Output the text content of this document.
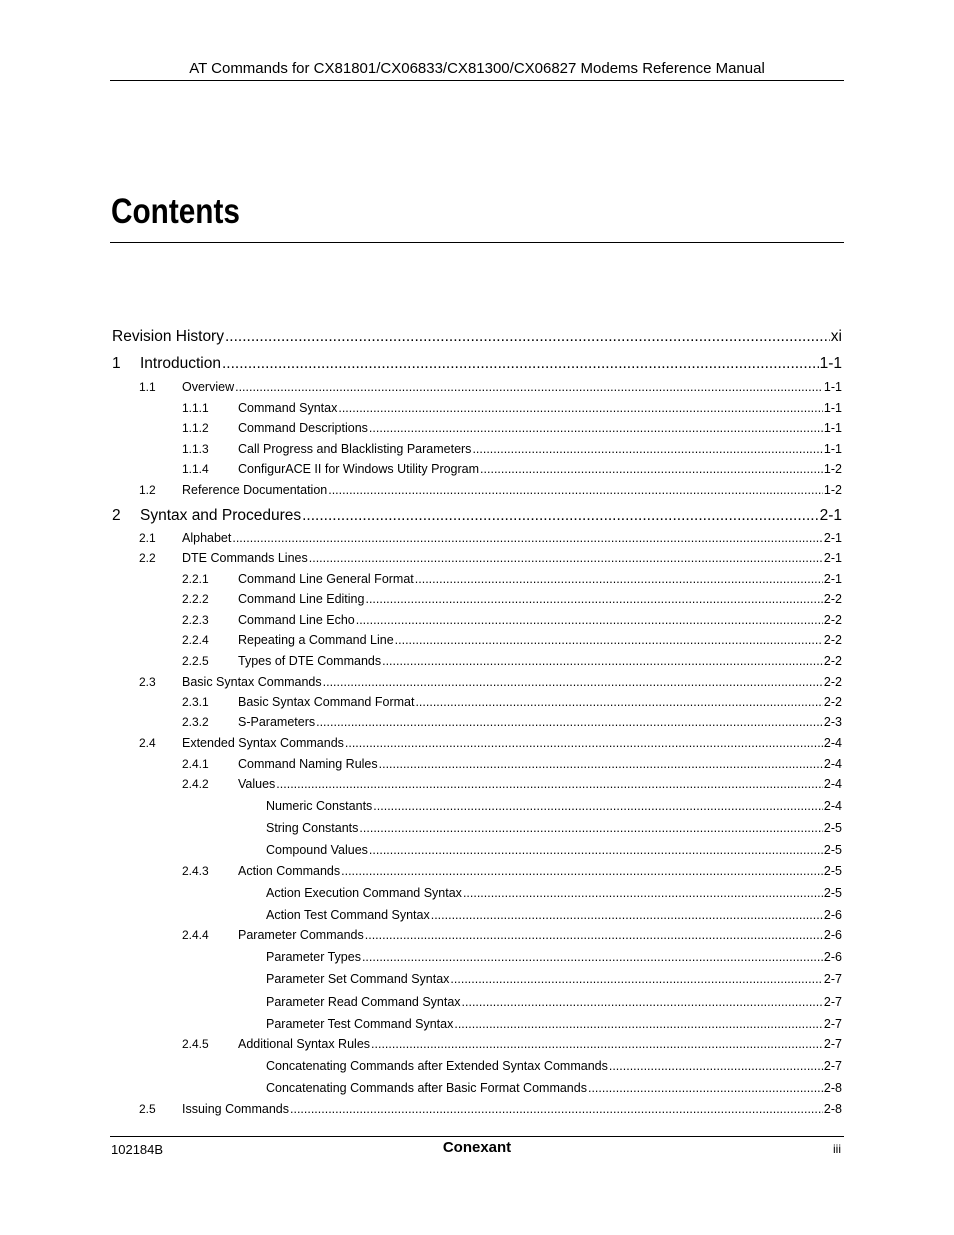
AT Commands for CX81801/CX06833/CX81300/CX06827 Modems Reference Manual
Contents
Revision History .....	xi
1 Introduction .....	1-1
1.1 Overview .....	1-1
1.1.1 Command Syntax .....	1-1
1.1.2 Command Descriptions .....	1-1
1.1.3 Call Progress and Blacklisting Parameters .....	1-1
1.1.4 ConfigurACE II for Windows Utility Program .....	1-2
1.2 Reference Documentation .....	1-2
2 Syntax and Procedures .....	2-1
2.1 Alphabet .....	2-1
2.2 DTE Commands Lines .....	2-1
2.2.1 Command Line General Format .....	2-1
2.2.2 Command Line Editing .....	2-2
2.2.3 Command Line Echo .....	2-2
2.2.4 Repeating a Command Line .....	2-2
2.2.5 Types of DTE Commands .....	2-2
2.3 Basic Syntax Commands .....	2-2
2.3.1 Basic Syntax Command Format .....	2-2
2.3.2 S-Parameters .....	2-3
2.4 Extended Syntax Commands .....	2-4
2.4.1 Command Naming Rules .....	2-4
2.4.2 Values .....	2-4
Numeric Constants .....	2-4
String Constants .....	2-5
Compound Values .....	2-5
2.4.3 Action Commands .....	2-5
Action Execution Command Syntax .....	2-5
Action Test Command Syntax .....	2-6
2.4.4 Parameter Commands .....	2-6
Parameter Types .....	2-6
Parameter Set Command Syntax .....	2-7
Parameter Read Command Syntax .....	2-7
Parameter Test Command Syntax .....	2-7
2.4.5 Additional Syntax Rules .....	2-7
Concatenating Commands after Extended Syntax Commands .....	2-7
Concatenating Commands after Basic Format Commands .....	2-8
2.5 Issuing Commands .....	2-8
102184B	Conexant	iii
